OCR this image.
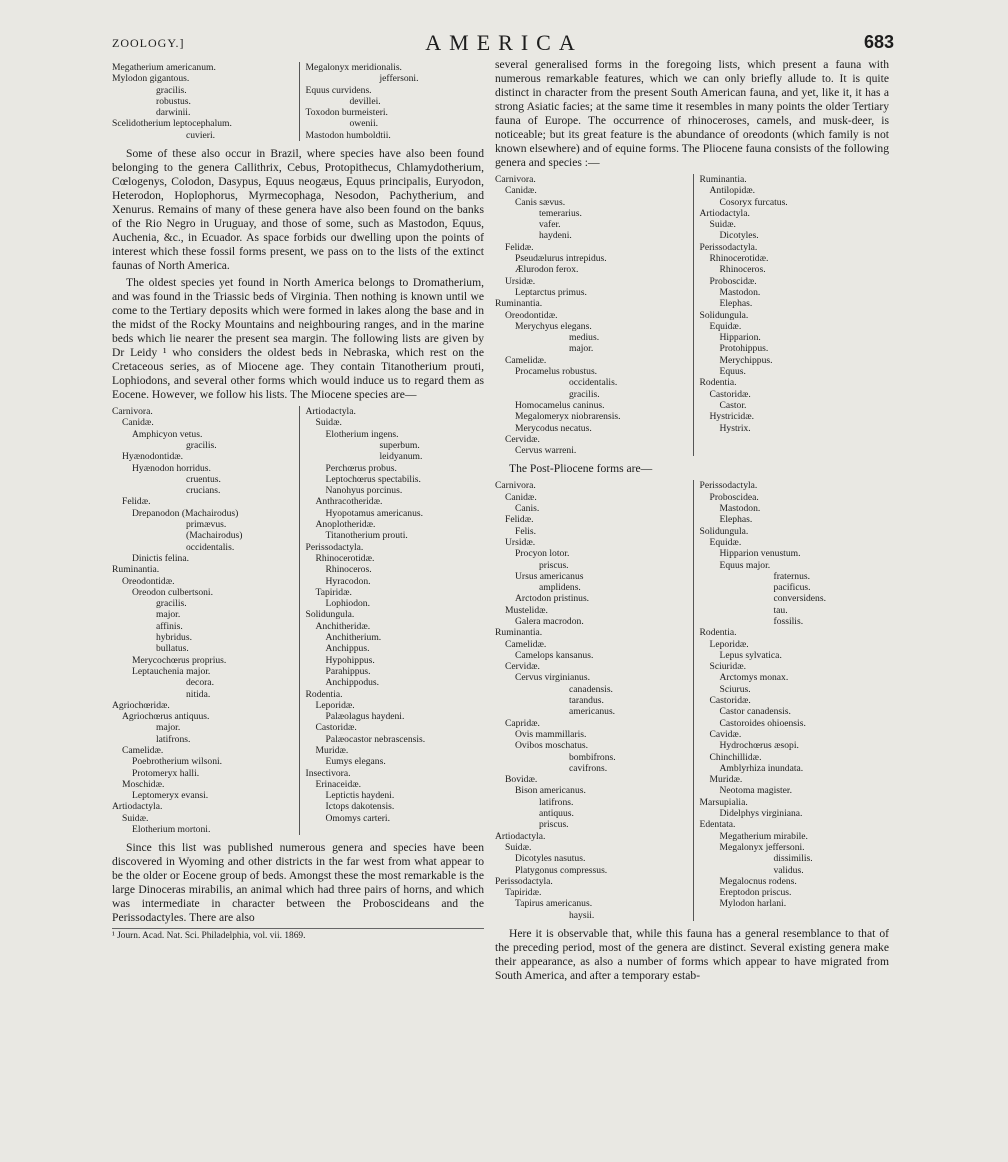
ZOOLOGY.]	AMERICA	683
Megatherium americanum.
Mylodon gigantous.
gracilis.
robustus.
darwinii.
Scelidotherium leptocephalum.
cuvieri.
Megalonyx meridionalis.
jeffersoni.
Equus curvidens.
devillei.
Toxodon burmeisteri.
owenii.
Mastodon humboldtii.

Some of these also occur in Brazil, where species have also been found belonging to the genera Callithrix, Cebus, Protopithecus, Chlamydotherium, Cœlogenys, Colodon, Dasypus, Equus neogæus, Equus principalis, Euryodon, Heterodon, Hoplophorus, Myrmecophaga, Nesodon, Pachytherium, and Xenurus. Remains of many of these genera have also been found on the banks of the Rio Negro in Uruguay, and those of some, such as Mastodon, Equus, Auchenia, &c., in Ecuador. As space forbids our dwelling upon the points of interest which these fossil forms present, we pass on to the lists of the extinct faunas of North America.

The oldest species yet found in North America belongs to Dromatherium, and was found in the Triassic beds of Virginia. Then nothing is known until we come to the Tertiary deposits which were formed in lakes along the base and in the midst of the Rocky Mountains and neighbouring ranges, and in the marine beds which lie nearer the present sea margin. The following lists are given by Dr Leidy ¹ who considers the oldest beds in Nebraska, which rest on the Cretaceous series, as of Miocene age. They contain Titanotherium prouti, Lophiodons, and several other forms which would induce us to regard them as Eocene. However, we follow his lists. The Miocene species are—

Carnivora.
Canidæ.
Amphicyon vetus.
gracilis.
Hyænodontidæ.
Hyænodon horridus.
cruentus.
crucians.
Felidæ.
Drepanodon (Machairodus)
primævus.
(Machairodus)
occidentalis.
Dinictis felina.
Ruminantia.
Oreodontidæ.
Oreodon culbertsoni.
gracilis.
major.
affinis.
hybridus.
bullatus.
Merycochœrus proprius.
Leptauchenia major.
decora.
nitida.
Agriochœridæ.
Agriochœrus antiquus.
major.
latifrons.
Camelidæ.
Poebrotherium wilsoni.
Protomeryx halli.
Moschidæ.
Leptomeryx evansi.
Artiodactyla.
Suidæ.
Elotherium mortoni.
Artiodactyla.
Suidæ.
Elotherium ingens.
superbum.
leidyanum.
Perchœrus probus.
Leptochœrus spectabilis.
Nanohyus porcinus.
Anthracotheridæ.
Hyopotamus americanus.
Anoplotheridæ.
Titanotherium prouti.
Perissodactyla.
Rhinocerotidæ.
Rhinoceros.
Hyracodon.
Tapiridæ.
Lophiodon.
Solidungula.
Anchitheridæ.
Anchitherium.
Anchippus.
Hypohippus.
Parahippus.
Anchippodus.
Rodentia.
Leporidæ.
Palæolagus haydeni.
Castoridæ.
Palæocastor nebrascensis.
Muridæ.
Eumys elegans.
Insectivora.
Erinaceidæ.
Leptictis haydeni.
Ictops dakotensis.
Omomys carteri.

Since this list was published numerous genera and species have been discovered in Wyoming and other districts in the far west from what appear to be the older or Eocene group of beds. Amongst these the most remarkable is the large Dinoceras mirabilis, an animal which had three pairs of horns, and which was intermediate in character between the Proboscideans and the Perissodactyles. There are also

¹ Journ. Acad. Nat. Sci. Philadelphia, vol. vii. 1869.

several generalised forms in the foregoing lists, which present a fauna with numerous remarkable features, which we can only briefly allude to. It is quite distinct in character from the present South American fauna, and yet, like it, it has a strong Asiatic facies; at the same time it resembles in many points the older Tertiary fauna of Europe. The occurrence of rhinoceroses, camels, and musk-deer, is noticeable; but its great feature is the abundance of oreodonts (which family is not known elsewhere) and of equine forms. The Pliocene fauna consists of the following genera and species :—

Carnivora.
Canidæ.
Canis sævus.
temerarius.
vafer.
haydeni.
Felidæ.
Pseudælurus intrepidus.
Ælurodon ferox.
Ursidæ.
Leptarctus primus.
Ruminantia.
Oreodontidæ.
Merychyus elegans.
medius.
major.
Camelidæ.
Procamelus robustus.
occidentalis.
gracilis.
Homocamelus caninus.
Megalomeryx niobrarensis.
Merycodus necatus.
Cervidæ.
Cervus warreni.
Ruminantia.
Antilopidæ.
Cosoryx furcatus.
Artiodactyla.
Suidæ.
Dicotyles.
Perissodactyla.
Rhinocerotidæ.
Rhinoceros.
Proboscidæ.
Mastodon.
Elephas.
Solidungula.
Equidæ.
Hipparion.
Protohippus.
Merychippus.
Equus.
Rodentia.
Castoridæ.
Castor.
Hystricidæ.
Hystrix.

The Post-Pliocene forms are—

Carnivora.
Canidæ.
Canis.
Felidæ.
Felis.
Ursidæ.
Procyon lotor.
priscus.
Ursus americanus
amplidens.
Arctodon pristinus.
Mustelidæ.
Galera macrodon.
Ruminantia.
Camelidæ.
Camelops kansanus.
Cervidæ.
Cervus virginianus.
canadensis.
tarandus.
americanus.
Capridæ.
Ovis mammillaris.
Ovibos moschatus.
bombifrons.
cavifrons.
Bovidæ.
Bison americanus.
latifrons.
antiquus.
priscus.
Artiodactyla.
Suidæ.
Dicotyles nasutus.
Platygonus compressus.
Perissodactyla.
Tapiridæ.
Tapirus americanus.
haysii.
Perissodactyla.
Proboscidea.
Mastodon.
Elephas.
Solidungula.
Equidæ.
Hipparion venustum.
Equus major.
fraternus.
pacificus.
conversidens.
tau.
fossilis.
Rodentia.
Leporidæ.
Lepus sylvatica.
Sciuridæ.
Arctomys monax.
Sciurus.
Castoridæ.
Castor canadensis.
Castoroides ohioensis.
Cavidæ.
Hydrochœrus æsopi.
Chinchillidæ.
Amblyrhiza inundata.
Muridæ.
Neotoma magister.
Marsupialia.
Didelphys virginiana.
Edentata.
Megatherium mirabile.
Megalonyx jeffersoni.
dissimilis.
validus.
Megalocnus rodens.
Ereptodon priscus.
Mylodon harlani.

Here it is observable that, while this fauna has a general resemblance to that of the preceding period, most of the genera are distinct. Several existing genera make their appearance, as also a number of forms which appear to have migrated from South America, and after a temporary estab-
